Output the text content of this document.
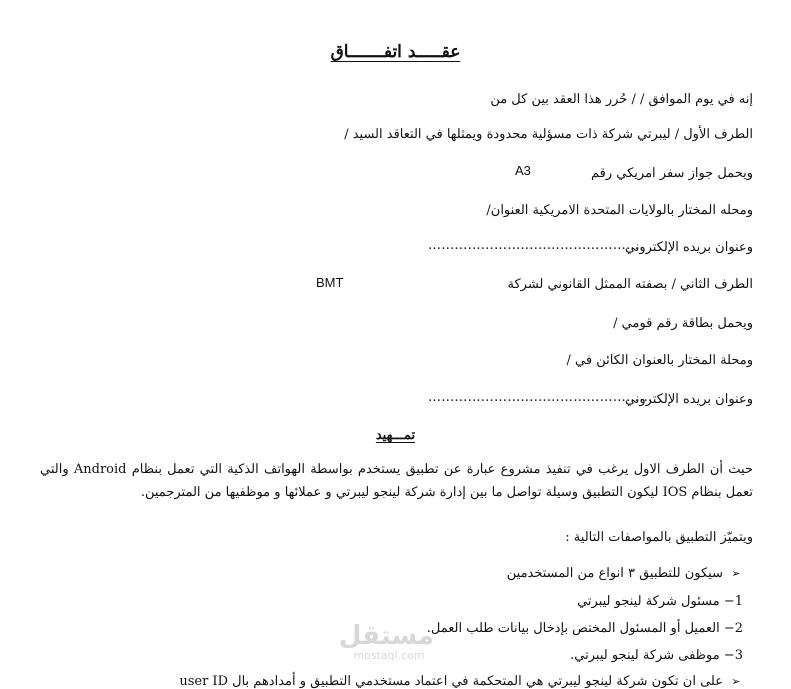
عقـــــد اتفـــــــاق
إنه في يوم الموافق / / حُرر هذا العقد بين كل من
الطرف الأول / ليبرتي شركة ذات مسؤلية محدودة ويمثلها في التعاقد السيد /
ويحمل جواز سفر امريكي رقم
A3
ومحله المختار بالولايات المتحدة الامريكية العنوان/
وعنوان بريده الإلكتروني
…………………………………………
الطرف الثاني / بصفته الممثل القانوني لشركة
BMT
ويحمل بطاقة رقم قومي /
ومحلة المختار بالعنوان الكائن في /
وعنوان بريده الإلكتروني
……………………………………………
تمـــهيد
حيث أن الطرف الاول يرغب في تنفيذ مشروع عبارة عن تطبيق يستخدم بواسطة الهواتف الذكية التي تعمل بنظام Android والتي تعمل بنظام IOS ليكون التطبيق وسيلة تواصل ما بين إدارة شركة لينجو ليبرتي و عملائها و موظفيها من المترجمين.
ويتميّز التطبيق بالمواصفات التالية :
➢سيكون للتطبيق ٣ انواع من المستخدمين
1− مسئول شركة لينجو ليبرتي
2− العميل أو المسئول المختص بإدخال بيانات طلب العمل.
3− موظفى شركة لينجو ليبرتي.
➢على ان تكون شركة لينجو ليبرتي هي المتحكمة في اعتماد مستخدمي التطبيق و أمدادهم بال user ID
مستقل
mostaql.com
